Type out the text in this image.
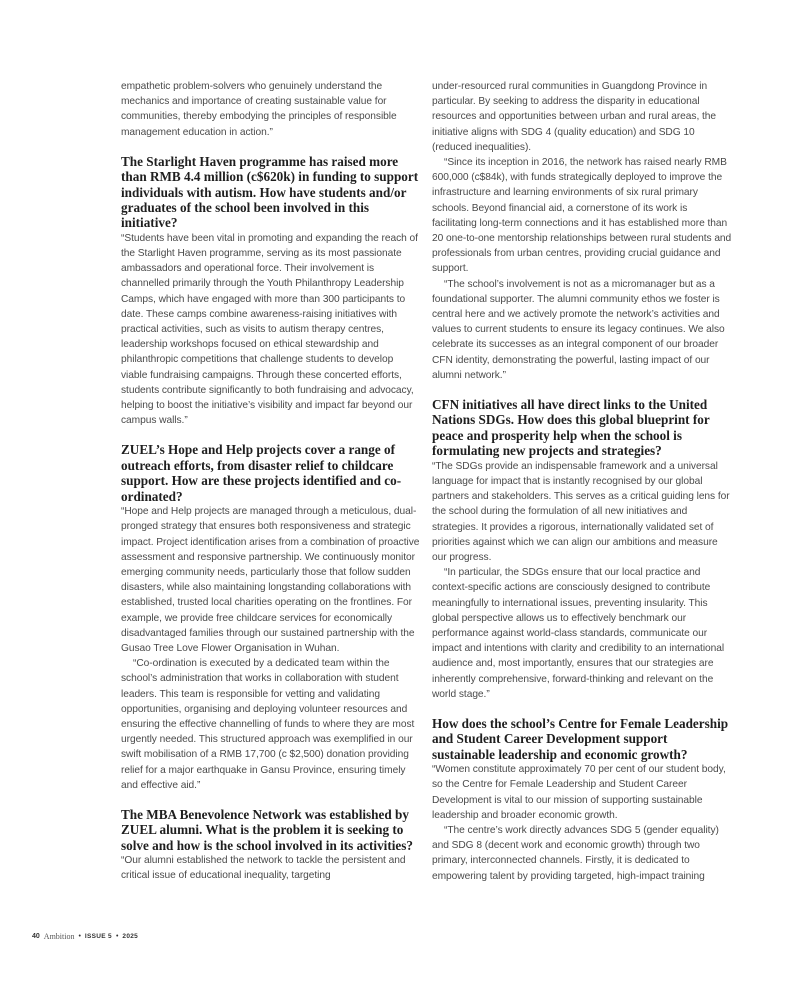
empathetic problem-solvers who genuinely understand the mechanics and importance of creating sustainable value for communities, thereby embodying the principles of responsible management education in action.”

The Starlight Haven programme has raised more than RMB 4.4 million (c$620k) in funding to support individuals with autism. How have students and/or graduates of the school been involved in this initiative?

“Students have been vital in promoting and expanding the reach of the Starlight Haven programme, serving as its most passionate ambassadors and operational force. Their involvement is channelled primarily through the Youth Philanthropy Leadership Camps, which have engaged with more than 300 participants to date. These camps combine awareness-raising initiatives with practical activities, such as visits to autism therapy centres, leadership workshops focused on ethical stewardship and philanthropic competitions that challenge students to develop viable fundraising campaigns. Through these concerted efforts, students contribute significantly to both fundraising and advocacy, helping to boost the initiative’s visibility and impact far beyond our campus walls.”

ZUEL’s Hope and Help projects cover a range of outreach efforts, from disaster relief to childcare support. How are these projects identified and co-ordinated?

“Hope and Help projects are managed through a meticulous, dual-pronged strategy that ensures both responsiveness and strategic impact. Project identification arises from a combination of proactive assessment and responsive partnership. We continuously monitor emerging community needs, particularly those that follow sudden disasters, while also maintaining longstanding collaborations with established, trusted local charities operating on the frontlines. For example, we provide free childcare services for economically disadvantaged families through our sustained partnership with the Gusao Tree Love Flower Organisation in Wuhan.

“Co-ordination is executed by a dedicated team within the school’s administration that works in collaboration with student leaders. This team is responsible for vetting and validating opportunities, organising and deploying volunteer resources and ensuring the effective channelling of funds to where they are most urgently needed. This structured approach was exemplified in our swift mobilisation of a RMB 17,700 (c $2,500) donation providing relief for a major earthquake in Gansu Province, ensuring timely and effective aid.”

The MBA Benevolence Network was established by ZUEL alumni. What is the problem it is seeking to solve and how is the school involved in its activities?

“Our alumni established the network to tackle the persistent and critical issue of educational inequality, targeting

under-resourced rural communities in Guangdong Province in particular. By seeking to address the disparity in educational resources and opportunities between urban and rural areas, the initiative aligns with SDG 4 (quality education) and SDG 10 (reduced inequalities).

“Since its inception in 2016, the network has raised nearly RMB 600,000 (c$84k), with funds strategically deployed to improve the infrastructure and learning environments of six rural primary schools. Beyond financial aid, a cornerstone of its work is facilitating long-term connections and it has established more than 20 one-to-one mentorship relationships between rural students and professionals from urban centres, providing crucial guidance and support.

“The school’s involvement is not as a micromanager but as a foundational supporter. The alumni community ethos we foster is central here and we actively promote the network’s activities and values to current students to ensure its legacy continues. We also celebrate its successes as an integral component of our broader CFN identity, demonstrating the powerful, lasting impact of our alumni network.”

CFN initiatives all have direct links to the United Nations SDGs. How does this global blueprint for peace and prosperity help when the school is formulating new projects and strategies?

“The SDGs provide an indispensable framework and a universal language for impact that is instantly recognised by our global partners and stakeholders. This serves as a critical guiding lens for the school during the formulation of all new initiatives and strategies. It provides a rigorous, internationally validated set of priorities against which we can align our ambitions and measure our progress.

“In particular, the SDGs ensure that our local practice and context-specific actions are consciously designed to contribute meaningfully to international issues, preventing insularity. This global perspective allows us to effectively benchmark our performance against world-class standards, communicate our impact and intentions with clarity and credibility to an international audience and, most importantly, ensures that our strategies are inherently comprehensive, forward-thinking and relevant on the world stage.”

How does the school’s Centre for Female Leadership and Student Career Development support sustainable leadership and economic growth?

“Women constitute approximately 70 per cent of our student body, so the Centre for Female Leadership and Student Career Development is vital to our mission of supporting sustainable leadership and broader economic growth.

“The centre’s work directly advances SDG 5 (gender equality) and SDG 8 (decent work and economic growth) through two primary, interconnected channels. Firstly, it is dedicated to empowering talent by providing targeted, high-impact training

40 Ambition • ISSUE 5 • 2025
